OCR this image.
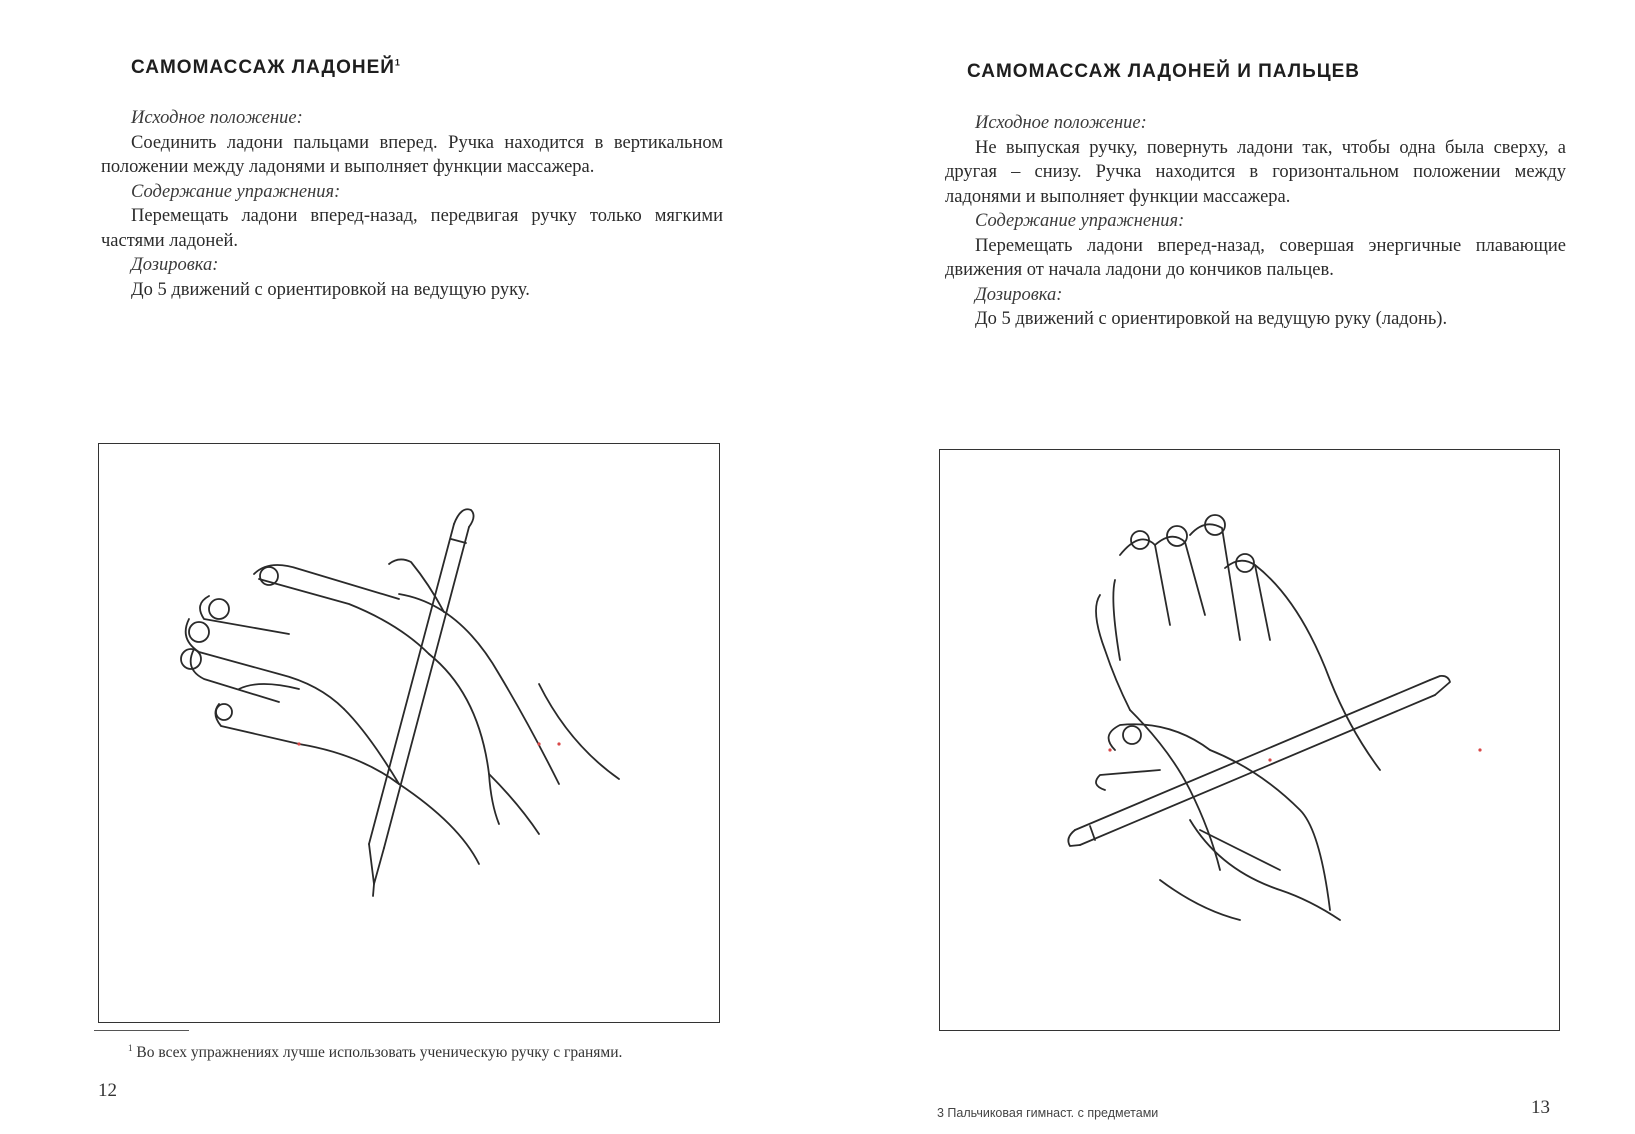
САМОМАССАЖ ЛАДОНЕЙ$^1$
Исходное положение:
Соединить ладони пальцами вперед. Ручка находится в вертикальном положении между ладонями и выполняет функции массажера.
Содержание упражнения:
Перемещать ладони вперед-назад, передвигая ручку только мягкими частями ладоней.
Дозировка:
До 5 движений с ориентировкой на ведущую руку.
$^1$ Во всех упражнениях лучше использовать ученическую ручку с гранями.
12
САМОМАССАЖ ЛАДОНЕЙ И ПАЛЬЦЕВ
Исходное положение:
Не выпуская ручку, повернуть ладони так, чтобы одна была сверху, а другая – снизу. Ручка находится в горизонтальном положении между ладонями и выполняет функции массажера.
Содержание упражнения:
Перемещать ладони вперед-назад, совершая энергичные плавающие движения от начала ладони до кончиков пальцев.
Дозировка:
До 5 движений с ориентировкой на ведущую руку (ладонь).
3 Пальчиковая гимнаст. с предметами	13
